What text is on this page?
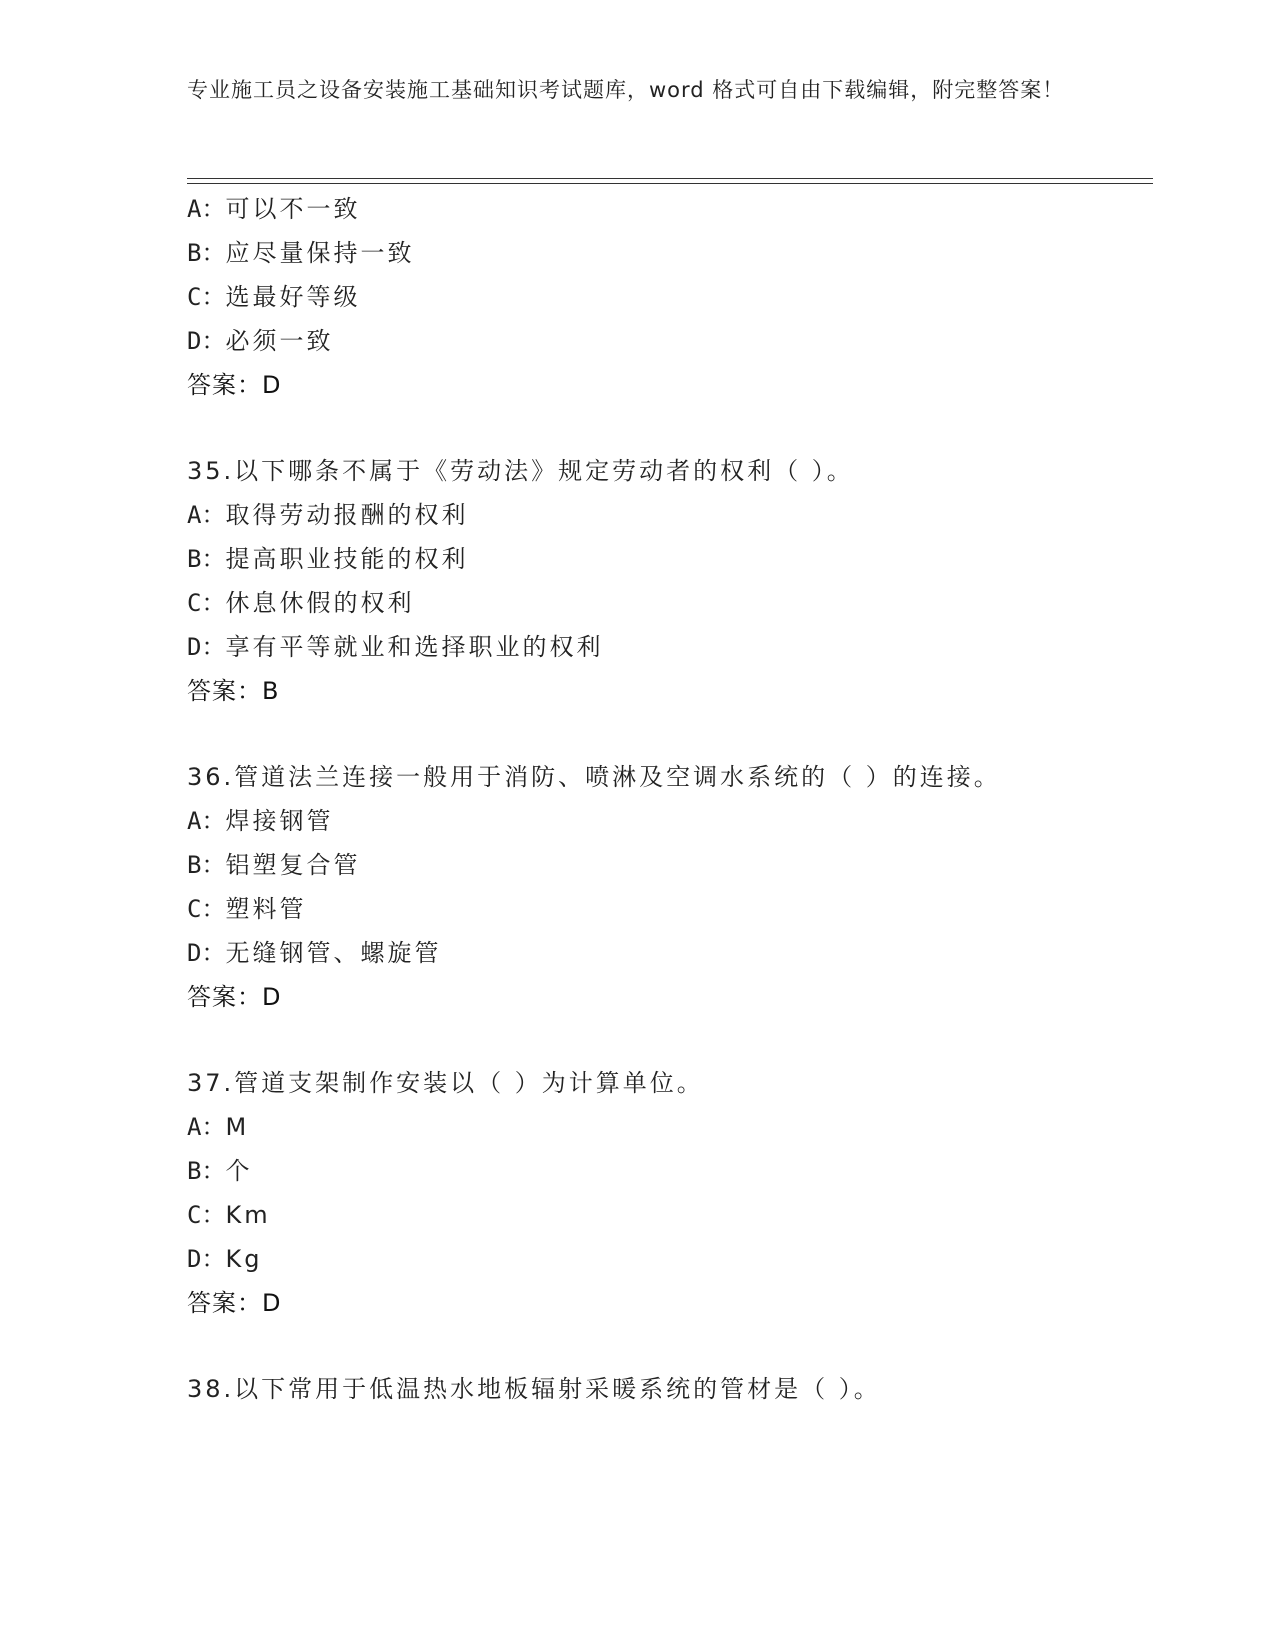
专业施工员之设备安装施工基础知识考试题库，word 格式可自由下载编辑，附完整答案！
A：可以不一致
B：应尽量保持一致
C：选最好等级
D：必须一致
答案：D
35.以下哪条不属于《劳动法》规定劳动者的权利（ ）。
A：取得劳动报酬的权利
B：提高职业技能的权利
C：休息休假的权利
D：享有平等就业和选择职业的权利
答案：B
36.管道法兰连接一般用于消防、喷淋及空调水系统的（ ）的连接。
A：焊接钢管
B：铝塑复合管
C：塑料管
D：无缝钢管、螺旋管
答案：D
37.管道支架制作安装以（ ）为计算单位。
A：M
B：个
C：Km
D：Kg
答案：D
38.以下常用于低温热水地板辐射采暖系统的管材是（ ）。
